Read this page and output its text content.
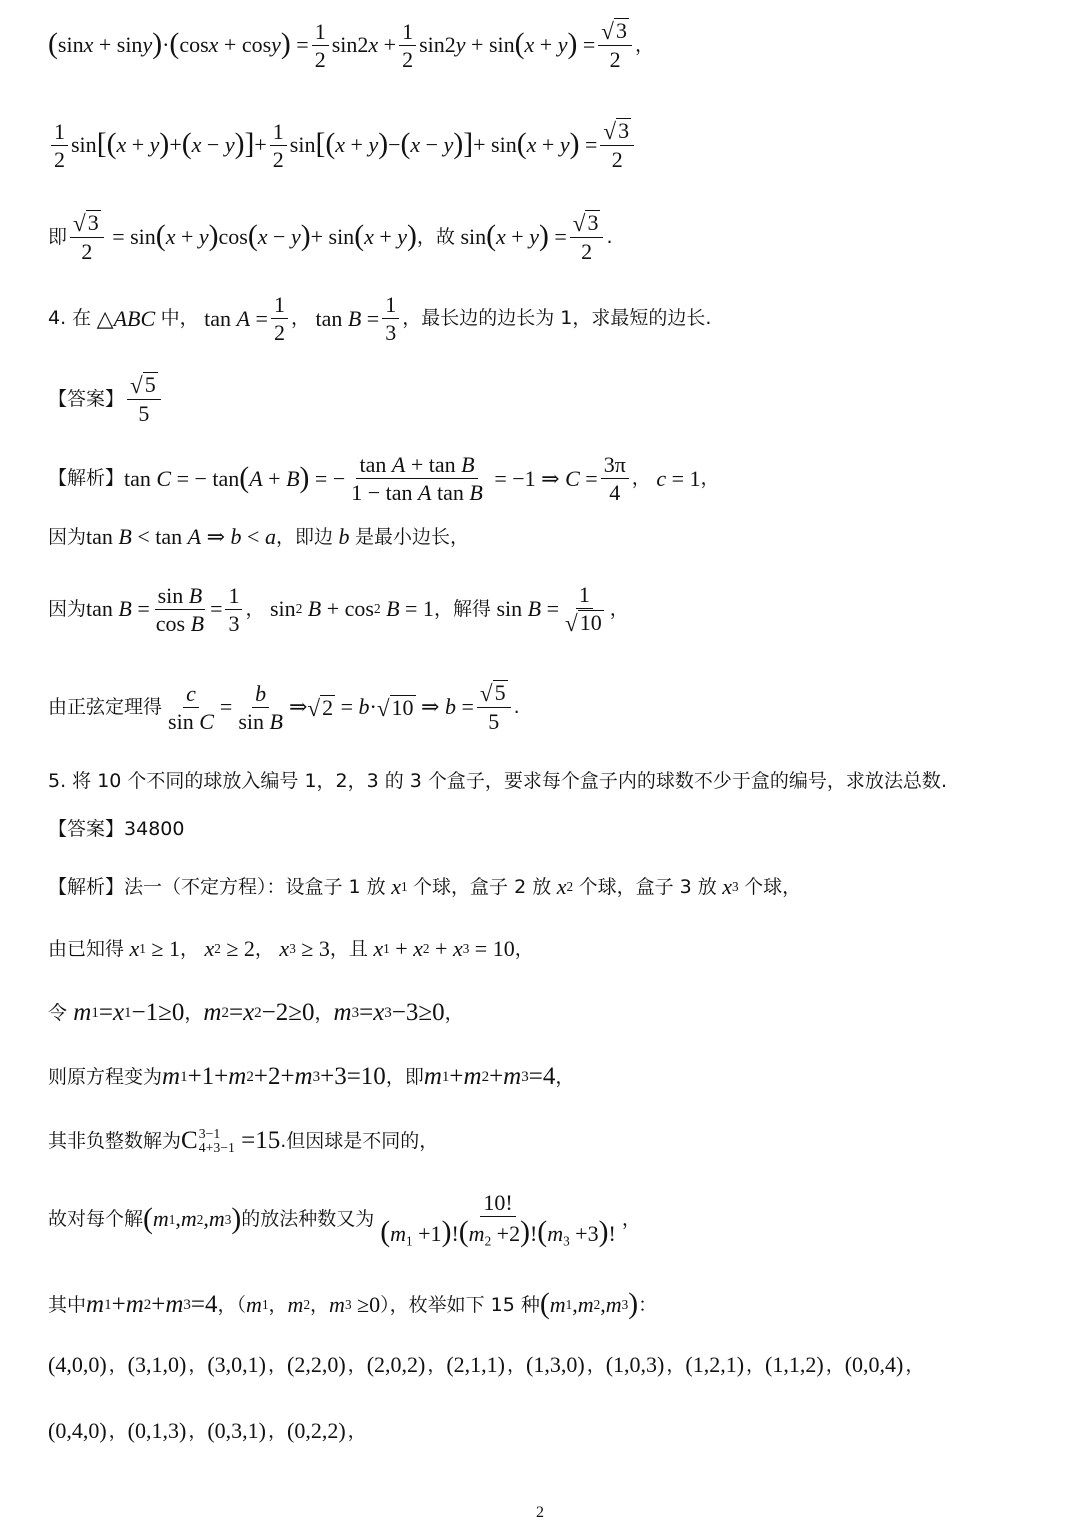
( sin x + sin y ) · ( cos x + cos y ) = $\frac{1}{2} \sin 2$ $x + \frac{1}{2} \sin 2$ y + sin ( x + y ) = $\frac{√ 3}{2}$ ，
$\frac{1}{2}$ sin [ ( x + y ) + ( x − y ) ] + $\frac{1}{2}$ sin [ ( x + y ) − ( x − y ) ] + sin ( x + y ) = $\frac{√ 3}{2}$
即 $\frac{√ 3}{2} = \sin$ ( x + y ) cos ( x − y ) + sin ( x + y ) ， 故 sin ( x + y ) = $\frac{√ 3}{2}$ .
4. 在 △ ABC
中， $\tan A = \frac{1}{2}$ ， $\tan B = \frac{1}{3}$ ，最长边的边长为 1，求最短的边长.
【答案】 $\frac{√ 5}{5}$
【解析】 tan C = − tan ( A + B ) = − $\frac{\text{tan A + tan B}}{\text{1 − tan A tan B}} = -1$ ⇒ $C = \frac{3\pi}{4}$ ，
c = 1 ，
因为 tan B < tan A ⇒ b < a ，即边
b
是最小边长，
因为 $\tan B = \frac{\text{sin B}}{\text{cos B}} = \frac{1}{3}$ ， sin 2
B + cos 2
B = 1 ，解得 $\sin B = \frac{1}{√ 10}$ ，
由正弦定理得 $\frac{c}{\text{sin C}} = \frac{b}{\text{sin B}}$ ⇒ √ 2 = b · √ 10 ⇒ $b = \frac{√ 5}{5}$ .
5. 将 10 个不同的球放入编号 1，2，3 的 3 个盒子，要求每个盒子内的球数不少于盒的编号，求放法总数.
【答案】 34800
【解析】 法一（不定方程）：设盒子 1 放
x 1
个球，盒子 2 放
x 2
个球，盒子 3 放
x 3
个球，
由已知得
x 1 ≥ 1 ，
x 2 ≥ 2 ，
x 3 ≥ 3 ，且
x 1 + x 2 + x 3 = 10 ，
令
m 1 = x 1 −1≥0 ， m 2 = x 2 −2≥0 ， m 3 = x 3 −3≥0 ，
则原方程变为 m 1 +1+ m 2 +2+ m 3 +3=10 ，即 m 1 + m 2 + m 3 =4 ，
其非负整数解为 C 3−1
4+3−1 =15 .但因球是不同的，
故对每个解 ( m 1 , m 2 , m 3 ) 的放法种数又为 $\frac{10!}{(m_1 +1)!(m_2 +2)!(m_3 +3)!}$ ，
其中 m 1 + m 2 + m 3 =4 ，（ m 1 ， m 2 ， m 3 ≥0 ），枚举如下 15 种 ( m 1 , m 2 , m 3 ) ：
(4,0,0) ， (3,1,0) ， (3,0,1) ， (2,2,0) ， (2,0,2) ， (2,1,1) ， (1,3,0) ， (1,0,3) ， (1,2,1) ， (1,1,2) ， (0,0,4) ，
(0,4,0) ， (0,1,3) ， (0,3,1) ， (0,2,2) ，
2
